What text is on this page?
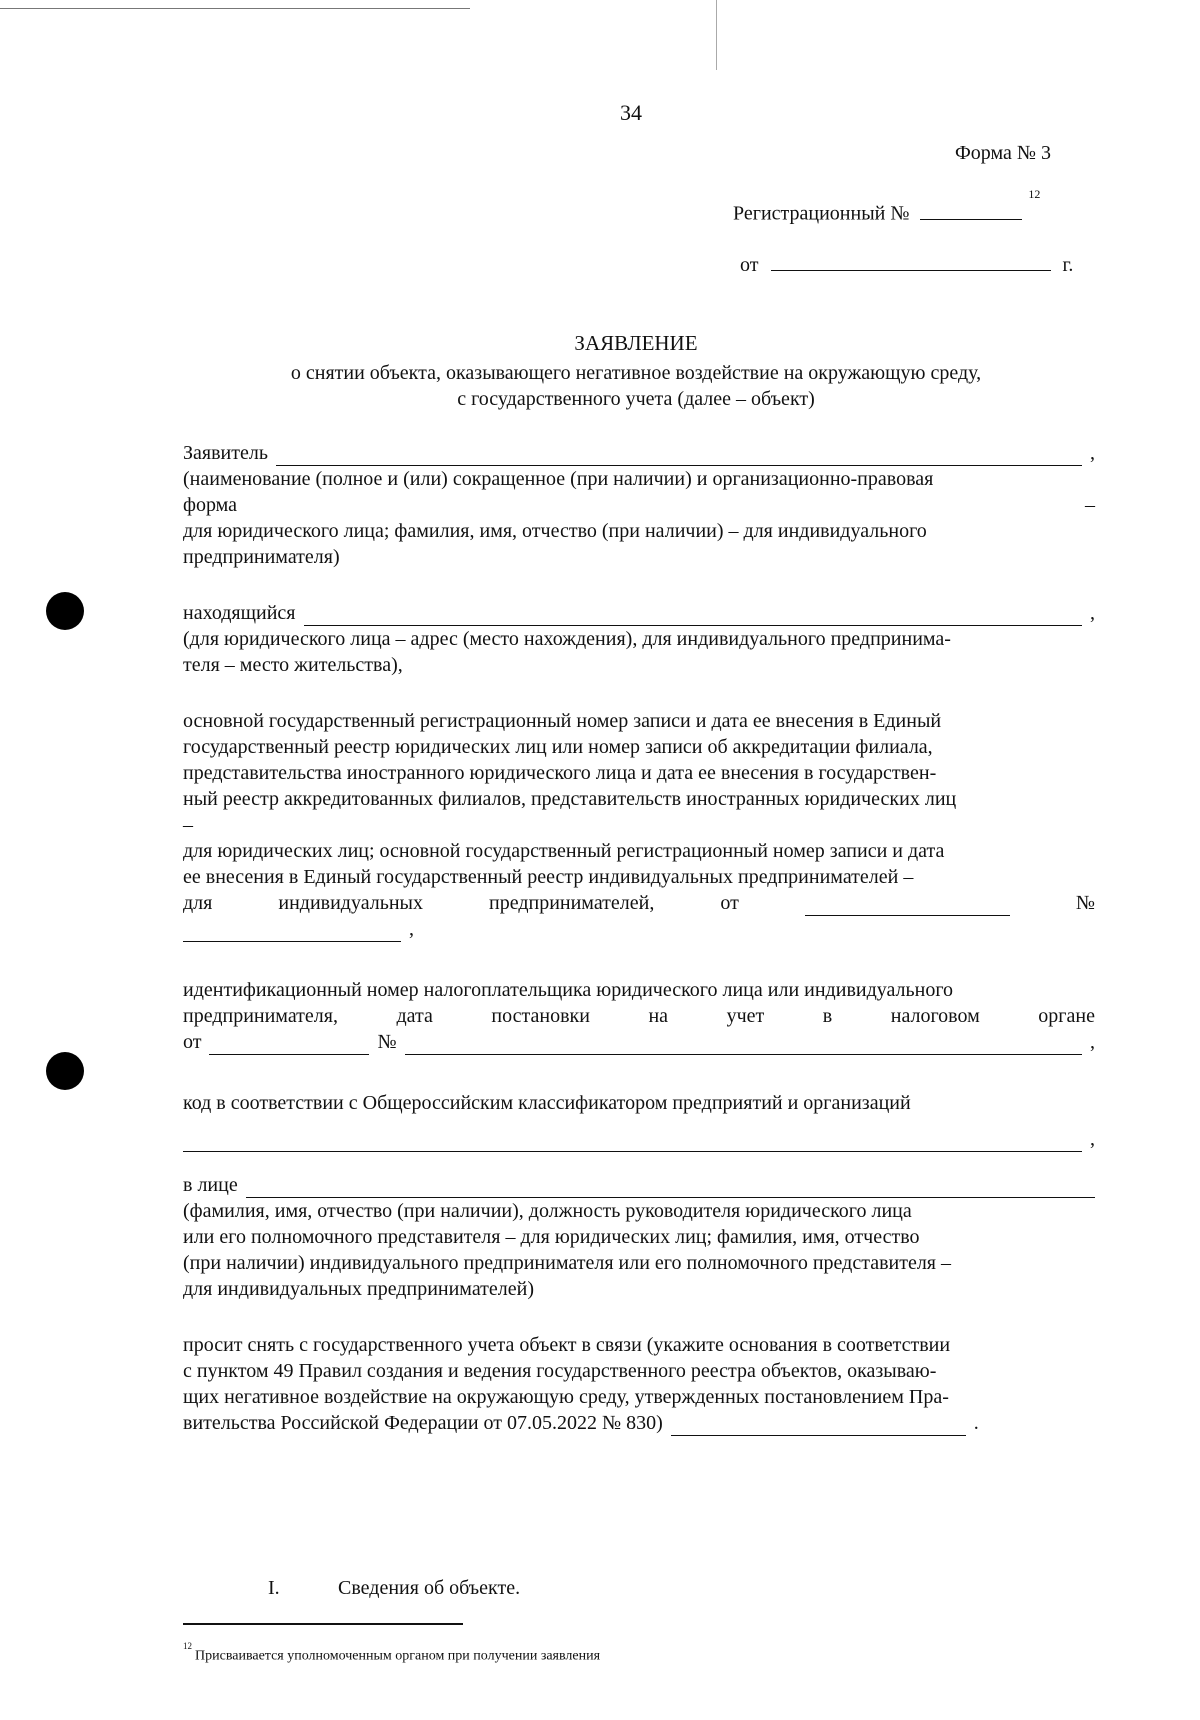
34
Форма № 3
Регистрационный № $^{12}$
от	г.
ЗАЯВЛЕНИЕ
о снятии объекта, оказывающего негативное воздействие на окружающую среду,
с государственного учета (далее – объект)
Заявитель	,
(наименование (полное и (или) сокращенное (при наличии) и организационно-правовая
форма	–
для юридического лица; фамилия, имя, отчество (при наличии) – для индивидуального
предпринимателя)
находящийся	,
(для юридического лица – адрес (место нахождения), для индивидуального предпринима-
теля – место жительства),
основной государственный регистрационный номер записи и дата ее внесения в Единый
государственный реестр юридических лиц или номер записи об аккредитации филиала,
представительства иностранного юридического лица и дата ее внесения в государствен-
ный реестр аккредитованных филиалов, представительств иностранных юридических лиц
–
для юридических лиц; основной государственный регистрационный номер записи и дата
ее внесения в Единый государственный реестр индивидуальных предпринимателей –
для	индивидуальных	предпринимателей,	от	№
,
идентификационный номер налогоплательщика юридического лица или индивидуального
предпринимателя,	дата	постановки	на	учет	в	налоговом	органе
от	№	,
код в соответствии с Общероссийским классификатором предприятий и организаций
,
в лице
(фамилия, имя, отчество (при наличии), должность руководителя юридического лица
или его полномочного представителя – для юридических лиц; фамилия, имя, отчество
(при наличии) индивидуального предпринимателя или его полномочного представителя –
для индивидуальных предпринимателей)
просит снять с государственного учета объект в связи (укажите основания в соответствии
с пунктом 49 Правил создания и ведения государственного реестра объектов, оказываю-
щих негативное воздействие на окружающую среду, утвержденных постановлением Пра-
вительства Российской Федерации от 07.05.2022 № 830)	.
I.	Сведения об объекте.
$^{12}$Присваивается уполномоченным органом при получении заявления
